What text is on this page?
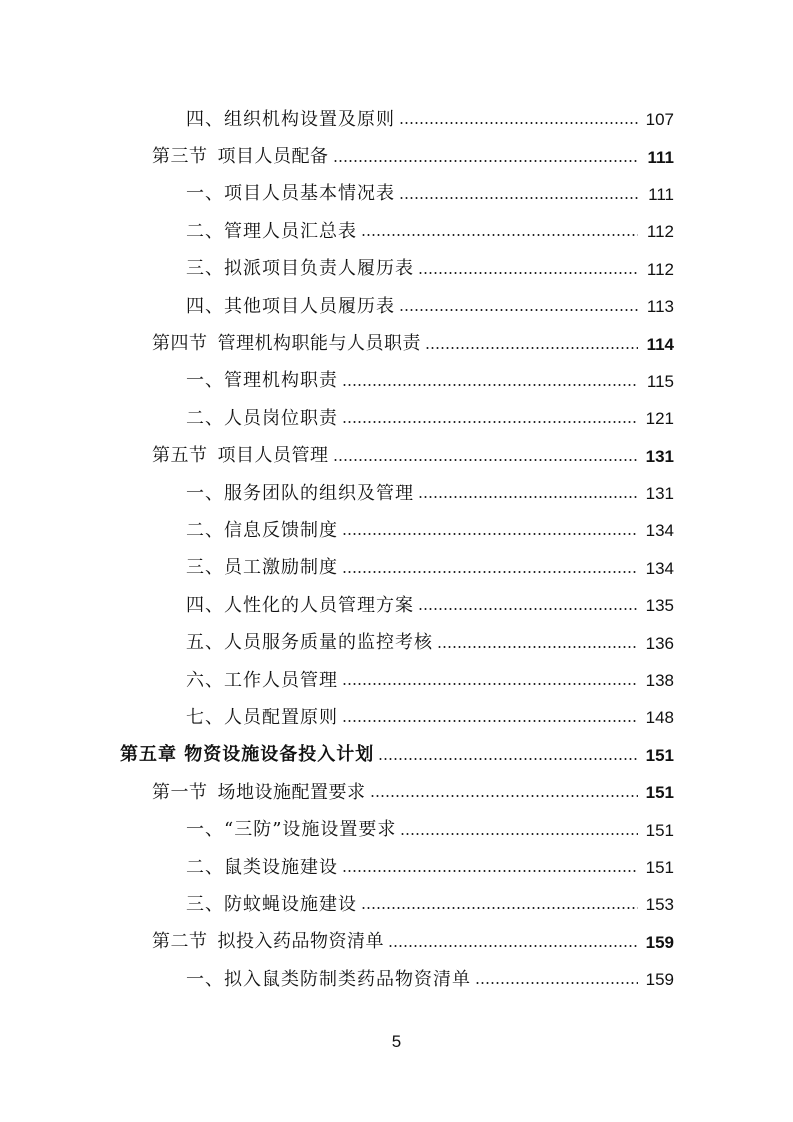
四、组织机构设置及原则	107
第三节 项目人员配备	111
一、项目人员基本情况表	111
二、管理人员汇总表	112
三、拟派项目负责人履历表	112
四、其他项目人员履历表	113
第四节 管理机构职能与人员职责	114
一、管理机构职责	115
二、人员岗位职责	121
第五节 项目人员管理	131
一、服务团队的组织及管理	131
二、信息反馈制度	134
三、员工激励制度	134
四、人性化的人员管理方案	135
五、人员服务质量的监控考核	136
六、工作人员管理	138
七、人员配置原则	148
第五章 物资设施设备投入计划	151
第一节 场地设施配置要求	151
一、“三防”设施设置要求	151
二、鼠类设施建设	151
三、防蚊蝇设施建设	153
第二节 拟投入药品物资清单	159
一、拟入鼠类防制类药品物资清单	159
5
